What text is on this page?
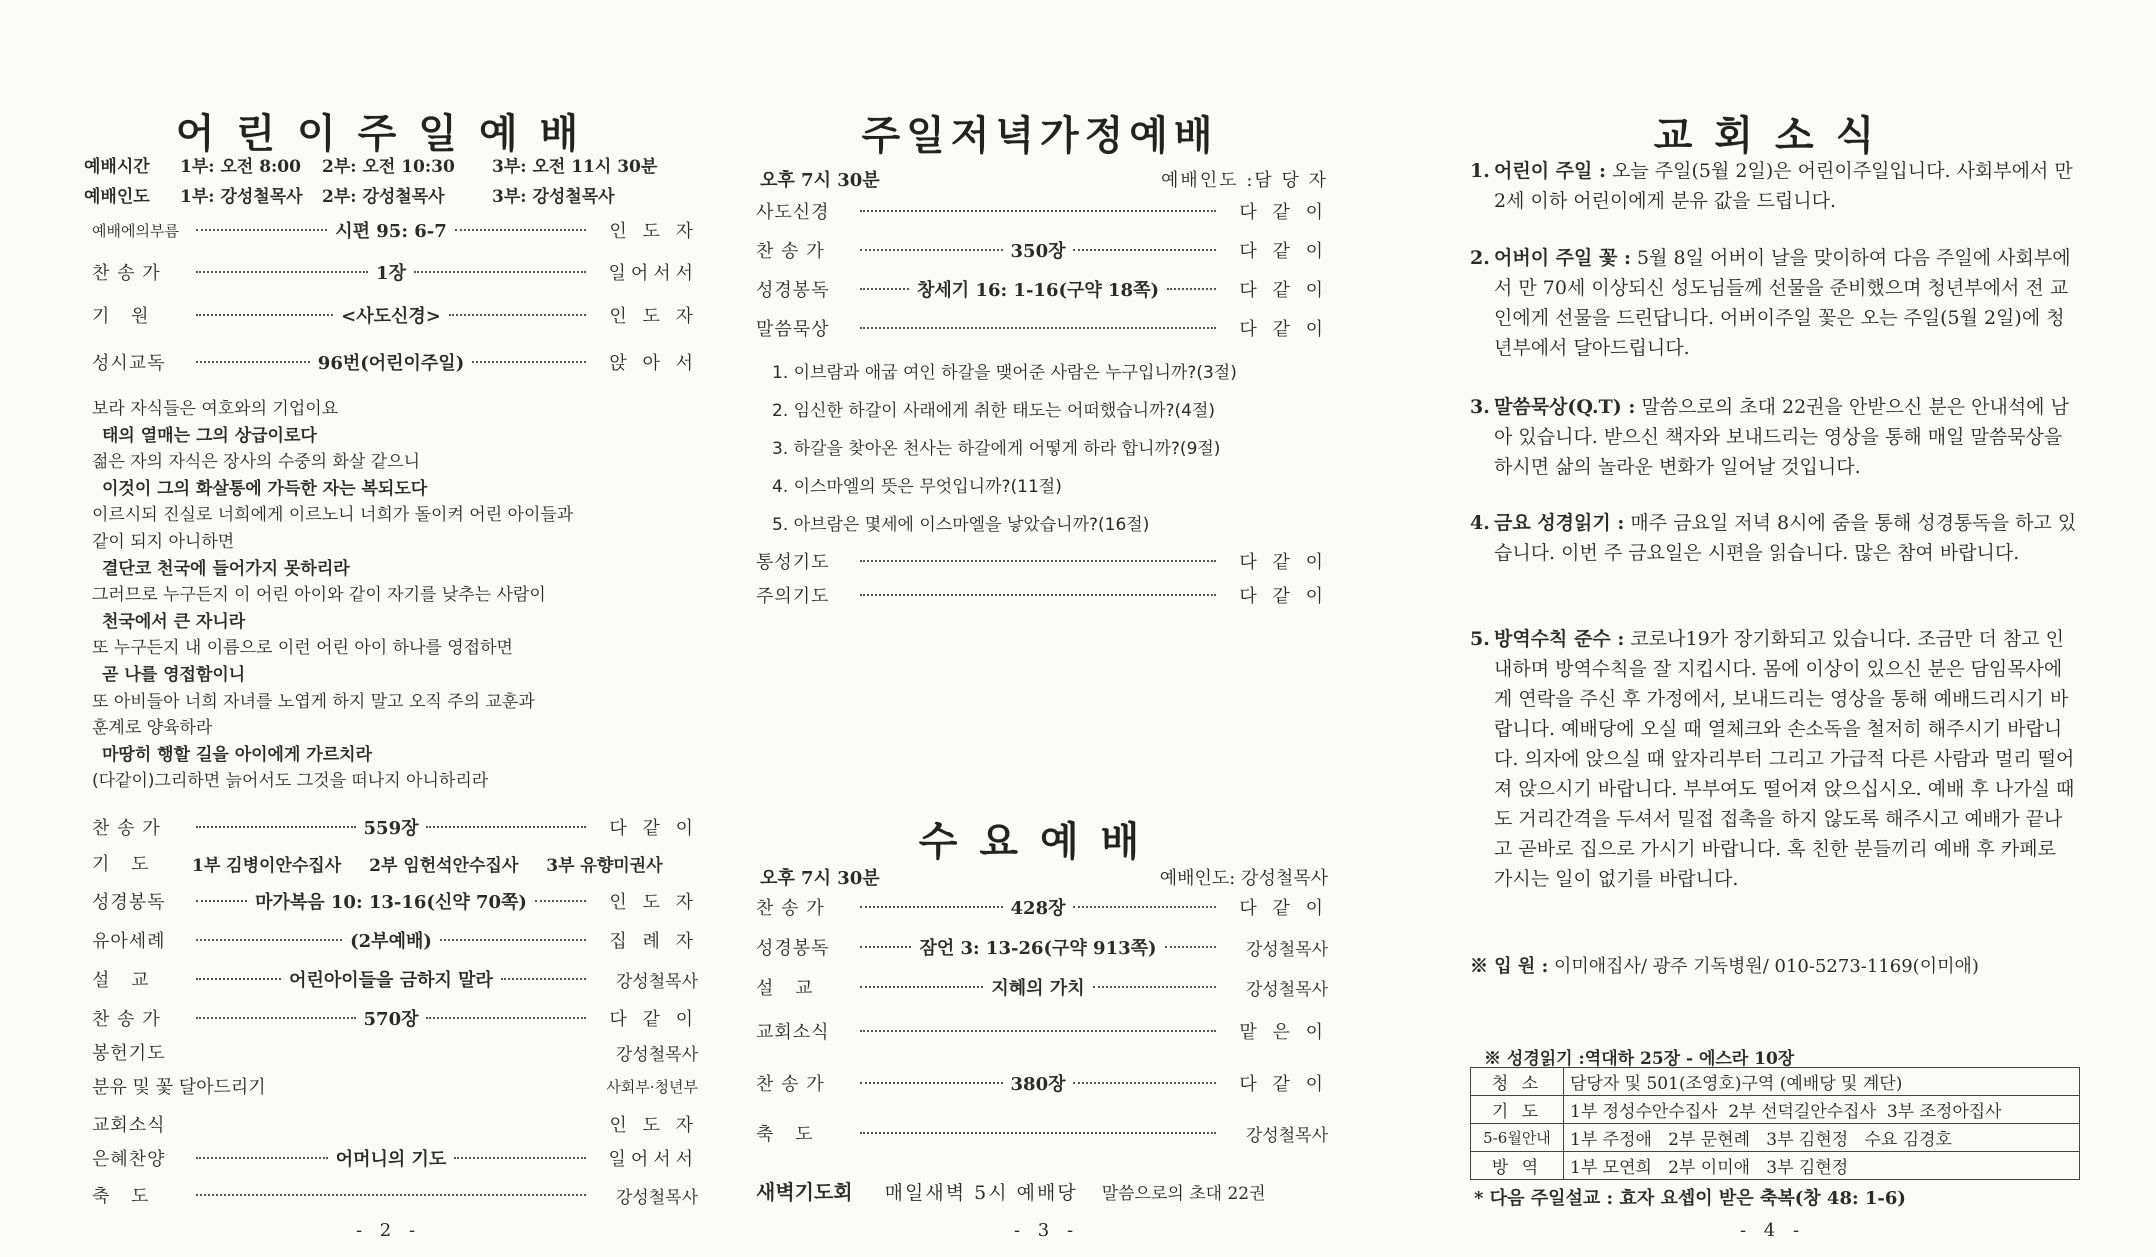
어린이주일예배
예배시간 1부: 오전 8:00 2부: 오전 10:30 3부: 오전 11시 30분
예배인도 1부: 강성철목사 2부: 강성철목사	3부: 강성철목사
예배에의부름	시편 95: 6-7	인 도 자
찬 송 가	1장	일어서서
기 원	<사도신경>	인 도 자
성시교독	96번(어린이주일)	앉 아 서
보라 자식들은 여호와의 기업이요
태의 열매는 그의 상급이로다
젊은 자의 자식은 장사의 수중의 화살 같으니
이것이 그의 화살통에 가득한 자는 복되도다
이르시되 진실로 너희에게 이르노니 너희가 돌이켜 어린 아이들과
같이 되지 아니하면
결단코 천국에 들어가지 못하리라
그러므로 누구든지 이 어린 아이와 같이 자기를 낮추는 사람이
천국에서 큰 자니라
또 누구든지 내 이름으로 이런 어린 아이 하나를 영접하면
곧 나를 영접함이니
또 아비들아 너희 자녀를 노엽게 하지 말고 오직 주의 교훈과
훈계로 양육하라
마땅히 행할 길을 아이에게 가르치라
(다같이)그리하면 늙어서도 그것을 떠나지 아니하리라
찬 송 가	559장	다 같 이
기 도	1부 김병이안수집사 2부 임헌석안수집사 3부 유향미권사
성경봉독	마가복음 10: 13-16(신약 70쪽)	인 도 자
유아세례	(2부예배)	집 례 자
설 교	어린아이들을 금하지 말라	강성철목사
찬 송 가	570장	다 같 이
봉헌기도	강성철목사
분유 및 꽃 달아드리기	사회부·청년부
교회소식	인 도 자
은혜찬양	어머니의 기도	일어서서
축 도	강성철목사
- 2 -
주일저녁가정예배
오후 7시 30분	예배인도 :담 당 자
사도신경	다 같 이
찬 송 가	350장	다 같 이
성경봉독	창세기 16: 1-16(구약 18쪽)	다 같 이
말씀묵상	다 같 이
1. 이브람과 애굽 여인 하갈을 맺어준 사람은 누구입니까?(3절)
2. 임신한 하갈이 사래에게 취한 태도는 어떠했습니까?(4절)
3. 하갈을 찾아온 천사는 하갈에게 어떻게 하라 합니까?(9절)
4. 이스마엘의 뜻은 무엇입니까?(11절)
5. 아브람은 몇세에 이스마엘을 낳았습니까?(16절)
통성기도	다 같 이
주의기도	다 같 이
수요예배
오후 7시 30분	예배인도: 강성철목사
찬 송 가	428장	다 같 이
성경봉독	잠언 3: 13-26(구약 913쪽)	강성철목사
설 교	지혜의 가치	강성철목사
교회소식	맡 은 이
찬 송 가	380장	다 같 이
축 도	강성철목사
새벽기도회 매일새벽 5시 예배당 말씀으로의 초대 22권
- 3 -
교회소식
1. 어린이 주일 : 오늘 주일(5월 2일)은 어린이주일입니다. 사회부에서 만 2세 이하 어린이에게 분유 값을 드립니다.
2. 어버이 주일 꽃 : 5월 8일 어버이 날을 맞이하여 다음 주일에 사회부에서 만 70세 이상되신 성도님들께 선물을 준비했으며 청년부에서 전 교인에게 선물을 드린답니다. 어버이주일 꽃은 오는 주일(5월 2일)에 청년부에서 달아드립니다.
3. 말씀묵상(Q.T) : 말씀으로의 초대 22권을 안받으신 분은 안내석에 남아 있습니다. 받으신 책자와 보내드리는 영상을 통해 매일 말씀묵상을 하시면 삶의 놀라운 변화가 일어날 것입니다.
4. 금요 성경읽기 : 매주 금요일 저녁 8시에 줌을 통해 성경통독을 하고 있습니다. 이번 주 금요일은 시편을 읽습니다. 많은 참여 바랍니다.
5. 방역수칙 준수 : 코로나19가 장기화되고 있습니다. 조금만 더 참고 인내하며 방역수칙을 잘 지킵시다. 몸에 이상이 있으신 분은 담임목사에게 연락을 주신 후 가정에서, 보내드리는 영상을 통해 예배드리시기 바랍니다. 예배당에 오실 때 열체크와 손소독을 철저히 해주시기 바랍니다. 의자에 앉으실 때 앞자리부터 그리고 가급적 다른 사람과 멀리 떨어져 앉으시기 바랍니다. 부부여도 떨어져 앉으십시오. 예배 후 나가실 때도 거리간격을 두셔서 밀접 접촉을 하지 않도록 해주시고 예배가 끝나고 곧바로 집으로 가시기 바랍니다. 혹 친한 분들끼리 예배 후 카페로 가시는 일이 없기를 바랍니다.
※ 입 원 : 이미애집사/ 광주 기독병원/ 010-5273-1169(이미애)
※ 성경읽기 :역대하 25장 - 에스라 10장
청 소	담당자 및 501(조영호)구역 (예배당 및 계단)
기 도	1부 정성수안수집사 2부 선덕길안수집사 3부 조정아집사
5-6월안내	1부 주정애 2부 문현례 3부 김현정 수요 김경호
방 역	1부 모연희 2부 이미애 3부 김현정
* 다음 주일설교 : 효자 요셉이 받은 축복(창 48: 1-6)
- 4 -
